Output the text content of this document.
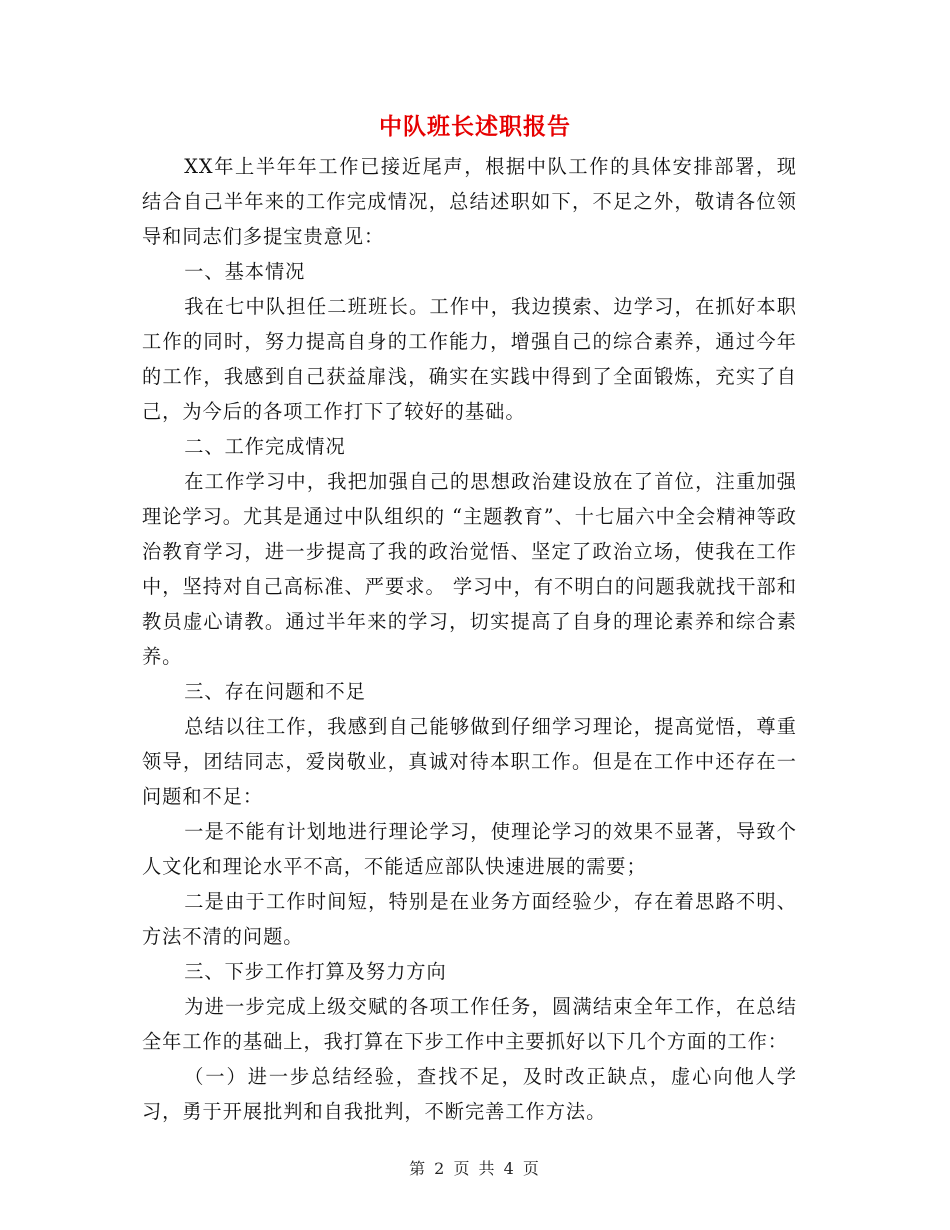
中队班长述职报告

XX年上半年年工作已接近尾声，根据中队工作的具体安排部署，现结合自己半年来的工作完成情况，总结述职如下，不足之外，敬请各位领导和同志们多提宝贵意见：

一、基本情况

我在七中队担任二班班长。工作中，我边摸索、边学习，在抓好本职工作的同时，努力提高自身的工作能力，增强自己的综合素养，通过今年的工作，我感到自己获益扉浅，确实在实践中得到了全面锻炼，充实了自己，为今后的各项工作打下了较好的基础。

二、工作完成情况

在工作学习中，我把加强自己的思想政治建设放在了首位，注重加强理论学习。尤其是通过中队组织的 “主题教育”、十七届六中全会精神等政治教育学习，进一步提高了我的政治觉悟、坚定了政治立场，使我在工作中，坚持对自己高标准、严要求。 学习中，有不明白的问题我就找干部和教员虚心请教。通过半年来的学习，切实提高了自身的理论素养和综合素养。

三、存在问题和不足

总结以往工作，我感到自己能够做到仔细学习理论，提高觉悟，尊重领导，团结同志，爱岗敬业，真诚对待本职工作。但是在工作中还存在一问题和不足：

一是不能有计划地进行理论学习，使理论学习的效果不显著，导致个人文化和理论水平不高，不能适应部队快速进展的需要；

二是由于工作时间短，特别是在业务方面经验少，存在着思路不明、方法不清的问题。

三、下步工作打算及努力方向

为进一步完成上级交赋的各项工作任务，圆满结束全年工作，在总结全年工作的基础上，我打算在下步工作中主要抓好以下几个方面的工作：

（一）进一步总结经验，查找不足，及时改正缺点，虚心向他人学习，勇于开展批判和自我批判，不断完善工作方法。

第 2 页 共 4 页
